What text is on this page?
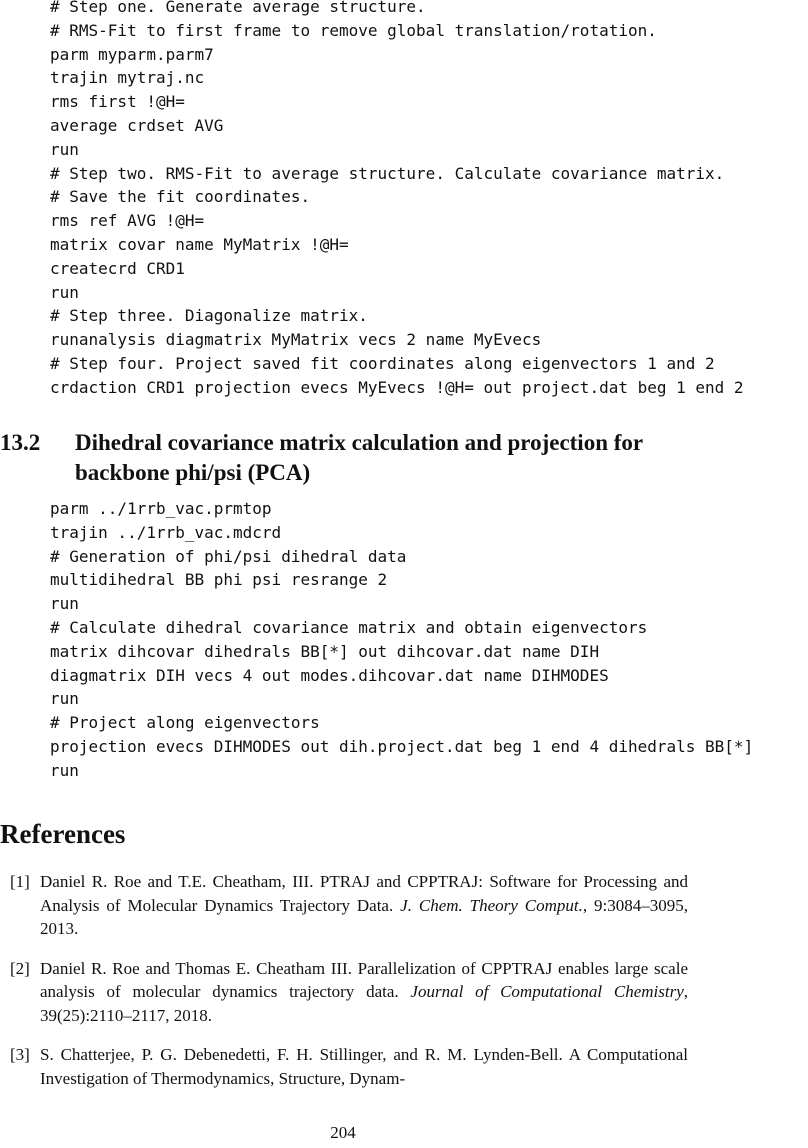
# Step one. Generate average structure.
# RMS-Fit to first frame to remove global translation/rotation.
parm myparm.parm7
trajin mytraj.nc
rms first !@H=
average crdset AVG
run
# Step two. RMS-Fit to average structure. Calculate covariance matrix.
# Save the fit coordinates.
rms ref AVG !@H=
matrix covar name MyMatrix !@H=
createcrd CRD1
run
# Step three. Diagonalize matrix.
runanalysis diagmatrix MyMatrix vecs 2 name MyEvecs
# Step four. Project saved fit coordinates along eigenvectors 1 and 2
crdaction CRD1 projection evecs MyEvecs !@H= out project.dat beg 1 end 2
13.2 Dihedral covariance matrix calculation and projection for backbone phi/psi (PCA)
parm ../1rrb_vac.prmtop
trajin ../1rrb_vac.mdcrd
# Generation of phi/psi dihedral data
multidihedral BB phi psi resrange 2
run
# Calculate dihedral covariance matrix and obtain eigenvectors
matrix dihcovar dihedrals BB[*] out dihcovar.dat name DIH
diagmatrix DIH vecs 4 out modes.dihcovar.dat name DIHMODES
run
# Project along eigenvectors
projection evecs DIHMODES out dih.project.dat beg 1 end 4 dihedrals BB[*]
run
References
[1] Daniel R. Roe and T.E. Cheatham, III. PTRAJ and CPPTRAJ: Software for Processing and Analysis of Molecular Dynamics Trajectory Data. J. Chem. Theory Comput., 9:3084–3095, 2013.
[2] Daniel R. Roe and Thomas E. Cheatham III. Parallelization of CPPTRAJ enables large scale analysis of molecular dynamics trajectory data. Journal of Computational Chemistry, 39(25):2110–2117, 2018.
[3] S. Chatterjee, P. G. Debenedetti, F. H. Stillinger, and R. M. Lynden-Bell. A Computational Investigation of Thermodynamics, Structure, Dynam-
204
